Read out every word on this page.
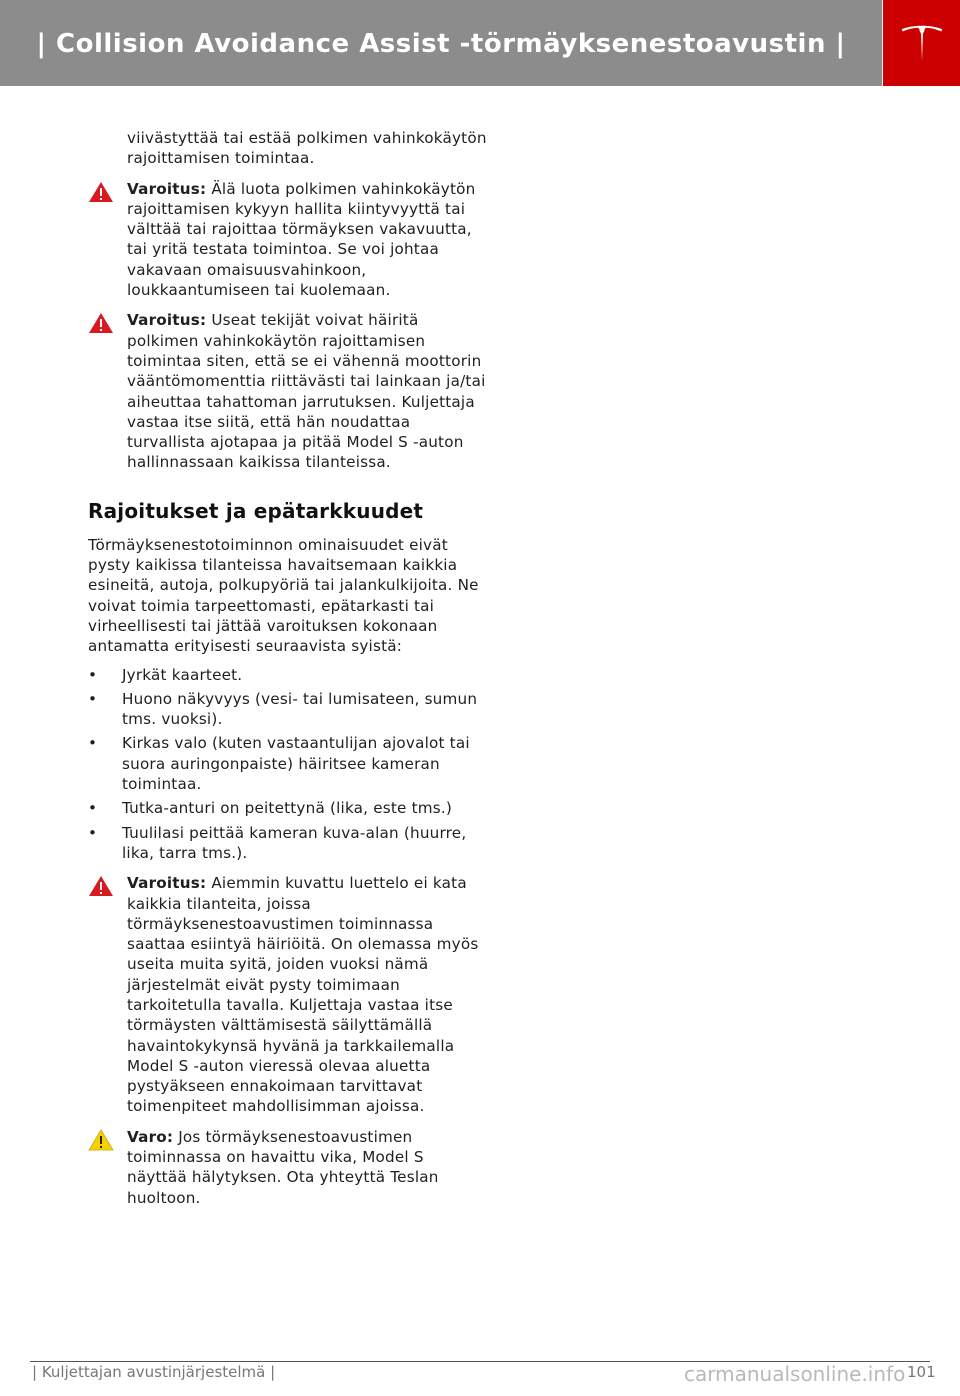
| Collision Avoidance Assist -törmäyksenestoavustin |

viivästyttää tai estää polkimen vahinkokäytön rajoittamisen toimintaa.

Varoitus: Älä luota polkimen vahinkokäytön rajoittamisen kykyyn hallita kiintyvyyttä tai välttää tai rajoittaa törmäyksen vakavuutta, tai yritä testata toimintoa. Se voi johtaa vakavaan omaisuusvahinkoon, loukkaantumiseen tai kuolemaan.
Varoitus: Useat tekijät voivat häiritä polkimen vahinkokäytön rajoittamisen toimintaa siten, että se ei vähennä moottorin vääntömomenttia riittävästi tai lainkaan ja/tai aiheuttaa tahattoman jarrutuksen. Kuljettaja vastaa itse siitä, että hän noudattaa turvallista ajotapaa ja pitää Model S -auton hallinnassaan kaikissa tilanteissa.
Rajoitukset ja epätarkkuudet

Törmäyksenestotoiminnon ominaisuudet eivät pysty kaikissa tilanteissa havaitsemaan kaikkia esineitä, autoja, polkupyöriä tai jalankulkijoita. Ne voivat toimia tarpeettomasti, epätarkasti tai virheellisesti tai jättää varoituksen kokonaan antamatta erityisesti seuraavista syistä:

• Jyrkät kaarteet.
• Huono näkyvyys (vesi- tai lumisateen, sumun tms. vuoksi).
• Kirkas valo (kuten vastaantulijan ajovalot tai suora auringonpaiste) häiritsee kameran toimintaa.
• Tutka-anturi on peitettynä (lika, este tms.)
• Tuulilasi peittää kameran kuva-alan (huurre, lika, tarra tms.).
Varoitus: Aiemmin kuvattu luettelo ei kata kaikkia tilanteita, joissa törmäyksenestoavustimen toiminnassa saattaa esiintyä häiriöitä. On olemassa myös useita muita syitä, joiden vuoksi nämä järjestelmät eivät pysty toimimaan tarkoitetulla tavalla. Kuljettaja vastaa itse törmäysten välttämisestä säilyttämällä havaintokykynsä hyvänä ja tarkkailemalla Model S -auton vieressä olevaa aluetta pystyäkseen ennakoimaan tarvittavat toimenpiteet mahdollisimman ajoissa.
Varo: Jos törmäyksenestoavustimen toiminnassa on havaittu vika, Model S näyttää hälytyksen. Ota yhteyttä Teslan huoltoon.
| Kuljettajan avustinjärjestelmä |	carmanualsonline.info 101
